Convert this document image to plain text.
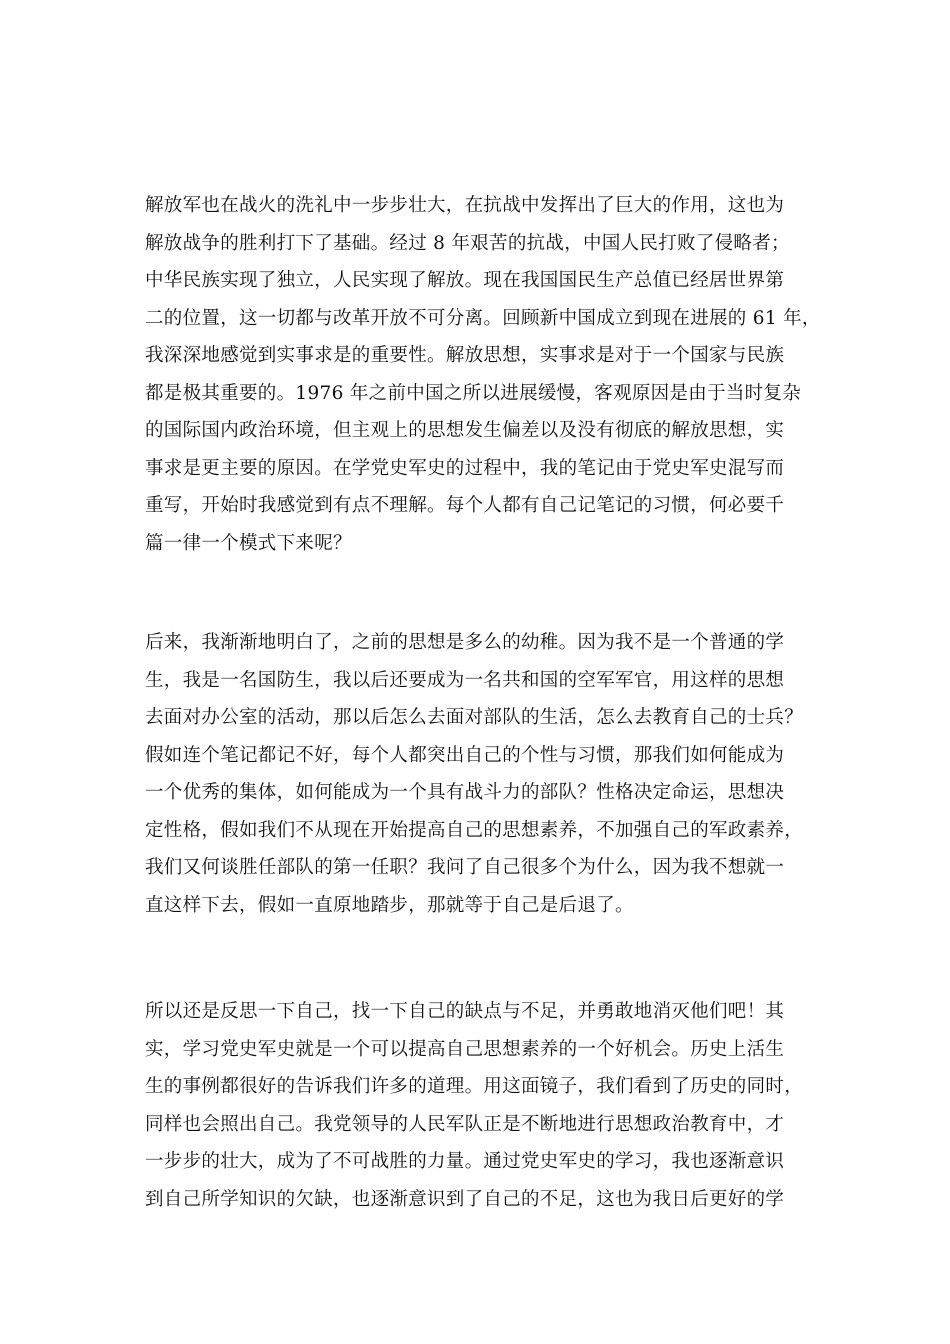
解放军也在战火的洗礼中一步步壮大，在抗战中发挥出了巨大的作用，这也为
解放战争的胜利打下了基础。经过 8 年艰苦的抗战，中国人民打败了侵略者；
中华民族实现了独立，人民实现了解放。现在我国国民生产总值已经居世界第
二的位置，这一切都与改革开放不可分离。回顾新中国成立到现在进展的 61 年，
我深深地感觉到实事求是的重要性。解放思想，实事求是对于一个国家与民族
都是极其重要的。1976 年之前中国之所以进展缓慢，客观原因是由于当时复杂
的国际国内政治环境，但主观上的思想发生偏差以及没有彻底的解放思想，实
事求是更主要的原因。在学党史军史的过程中，我的笔记由于党史军史混写而
重写，开始时我感觉到有点不理解。每个人都有自己记笔记的习惯，何必要千
篇一律一个模式下来呢？

后来，我渐渐地明白了，之前的思想是多么的幼稚。因为我不是一个普通的学
生，我是一名国防生，我以后还要成为一名共和国的空军军官，用这样的思想
去面对办公室的活动，那以后怎么去面对部队的生活，怎么去教育自己的士兵？
假如连个笔记都记不好，每个人都突出自己的个性与习惯，那我们如何能成为
一个优秀的集体，如何能成为一个具有战斗力的部队？性格决定命运，思想决
定性格，假如我们不从现在开始提高自己的思想素养，不加强自己的军政素养，
我们又何谈胜任部队的第一任职？我问了自己很多个为什么，因为我不想就一
直这样下去，假如一直原地踏步，那就等于自己是后退了。

所以还是反思一下自己，找一下自己的缺点与不足，并勇敢地消灭他们吧！其
实，学习党史军史就是一个可以提高自己思想素养的一个好机会。历史上活生
生的事例都很好的告诉我们许多的道理。用这面镜子，我们看到了历史的同时，
同样也会照出自己。我党领导的人民军队正是不断地进行思想政治教育中，才
一步步的壮大，成为了不可战胜的力量。通过党史军史的学习，我也逐渐意识
到自己所学知识的欠缺，也逐渐意识到了自己的不足，这也为我日后更好的学
